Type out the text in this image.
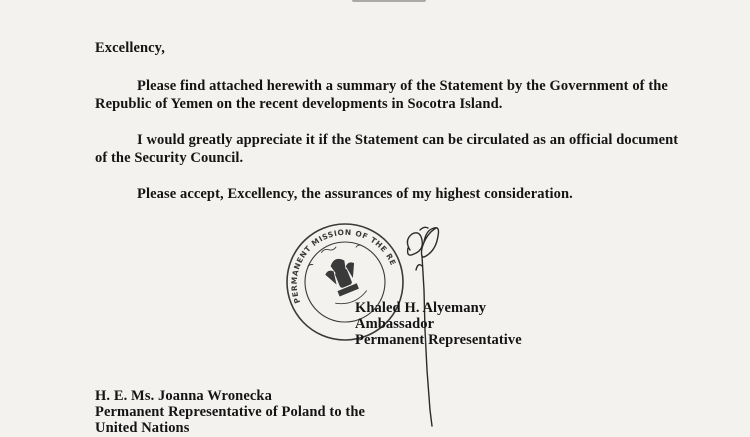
Excellency,

Please find attached herewith a summary of the Statement by the Government of the

Republic of Yemen on the recent developments in Socotra Island.

I would greatly appreciate it if the Statement can be circulated as an official document

of the Security Council.

Please accept, Excellency, the assurances of my highest consideration.

PERMANENT MISSION OF THE REPUBLIC

Khaled H. Alyemany

Ambassador

Permanent Representative

H. E. Ms. Joanna Wronecka

Permanent Representative of Poland to the

United Nations
